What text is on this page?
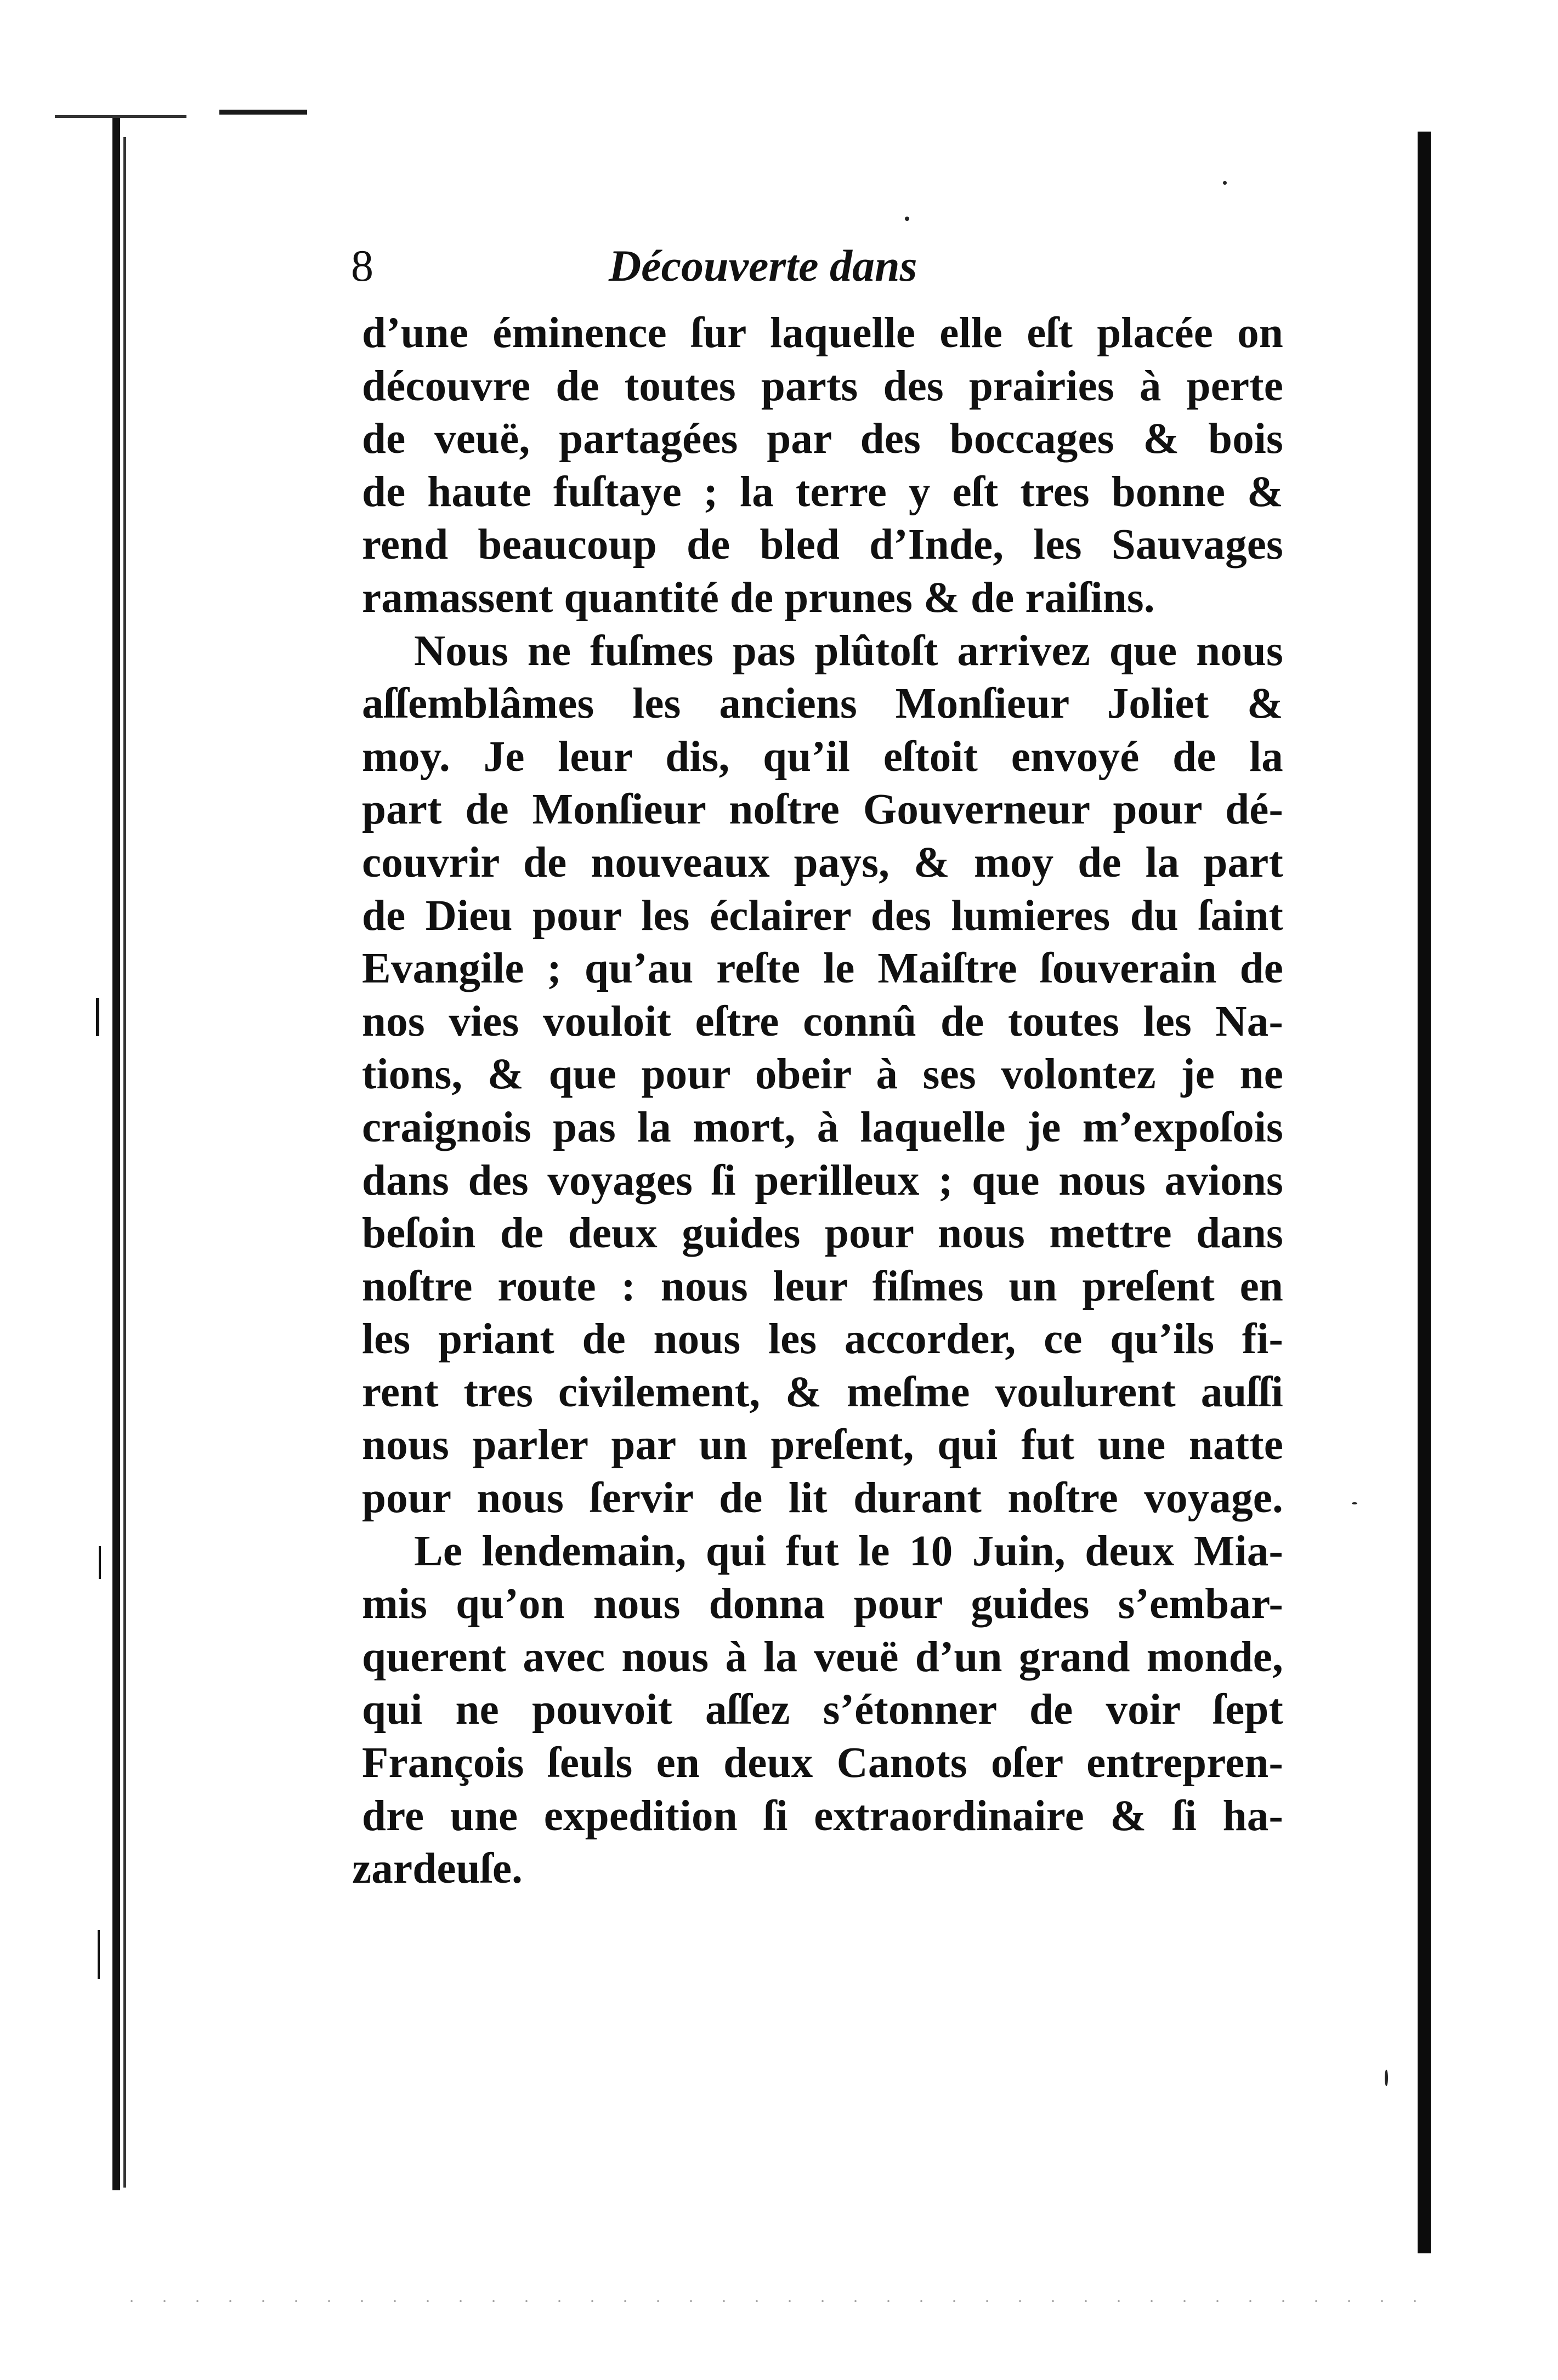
8	Découverte dans
d’une éminence ſur laquelle elle eſt placée on
découvre de toutes parts des prairies à perte
de veuë, partagées par des boccages & bois
de haute fuſtaye ; la terre y eſt tres bonne &
rend beaucoup de bled d’Inde, les Sauvages
ramassent quantité de prunes & de raiſins.
Nous ne fuſmes pas plûtoſt arrivez que nous
aſſemblâmes les anciens Monſieur Joliet &
moy. Je leur dis, qu’il eſtoit envoyé de la
part de Monſieur noſtre Gouverneur pour dé-
couvrir de nouveaux pays, & moy de la part
de Dieu pour les éclairer des lumieres du ſaint
Evangile ; qu’au reſte le Maiſtre ſouverain de
nos vies vouloit eſtre connû de toutes les Na-
tions, & que pour obeir à ses volontez je ne
craignois pas la mort, à laquelle je m’expoſois
dans des voyages ſi perilleux ; que nous avions
beſoin de deux guides pour nous mettre dans
noſtre route : nous leur fiſmes un preſent en
les priant de nous les accorder, ce qu’ils fi-
rent tres civilement, & meſme voulurent auſſi
nous parler par un preſent, qui fut une natte
pour nous ſervir de lit durant noſtre voyage.
Le lendemain, qui fut le 10 Juin, deux Mia-
mis qu’on nous donna pour guides s’embar-
querent avec nous à la veuë d’un grand monde,
qui ne pouvoit aſſez s’étonner de voir ſept
François ſeuls en deux Canots oſer entrepren-
dre une expedition ſi extraordinaire & ſi ha-
zardeuſe.
